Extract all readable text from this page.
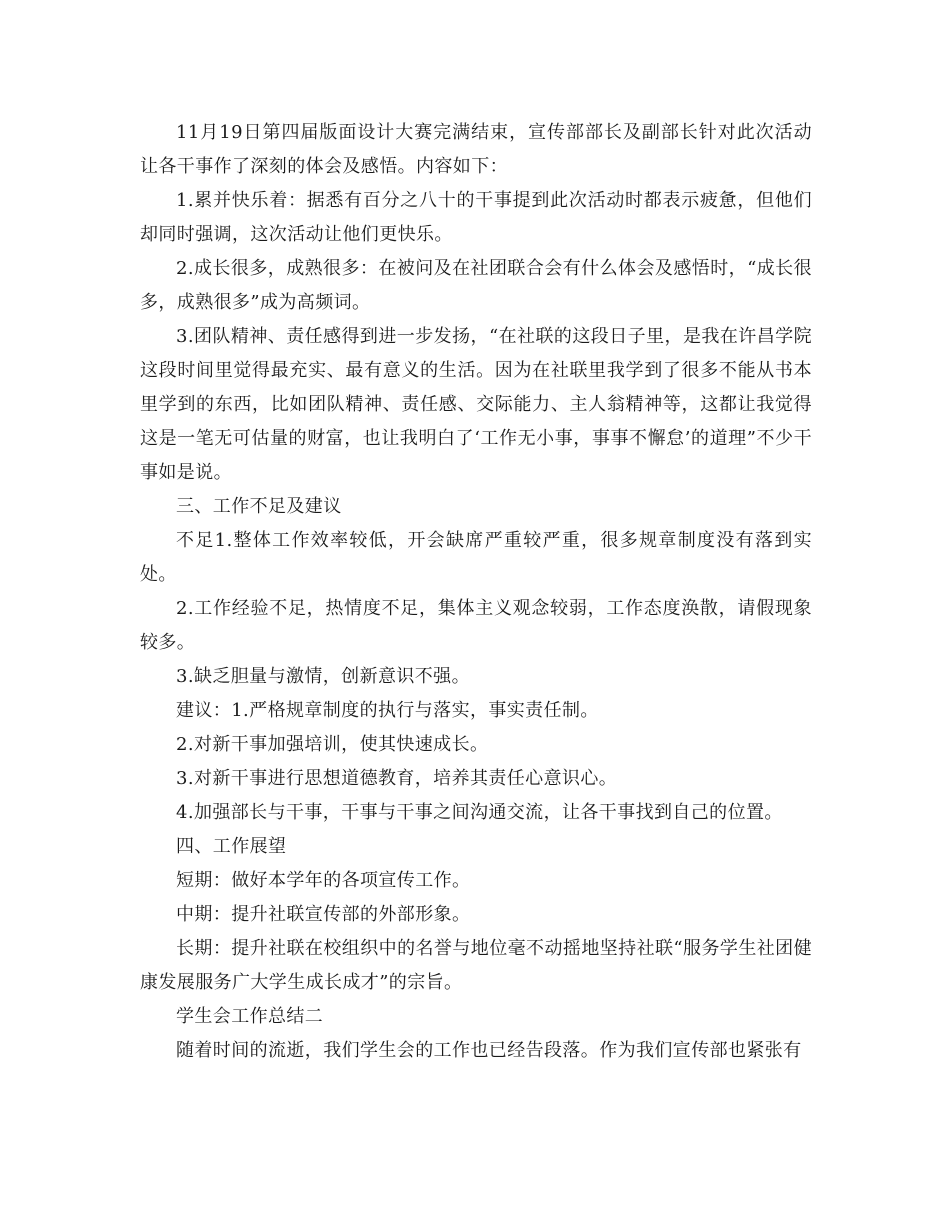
11月19日第四届版面设计大赛完满结束，宣传部部长及副部长针对此次活动让各干事作了深刻的体会及感悟。内容如下：

1.累并快乐着：据悉有百分之八十的干事提到此次活动时都表示疲惫，但他们却同时强调，这次活动让他们更快乐。

2.成长很多，成熟很多：在被问及在社团联合会有什么体会及感悟时，“成长很多，成熟很多”成为高频词。

3.团队精神、责任感得到进一步发扬，“在社联的这段日子里，是我在许昌学院这段时间里觉得最充实、最有意义的生活。因为在社联里我学到了很多不能从书本里学到的东西，比如团队精神、责任感、交际能力、主人翁精神等，这都让我觉得这是一笔无可估量的财富，也让我明白了‘工作无小事，事事不懈怠’的道理”不少干事如是说。

三、工作不足及建议

不足1.整体工作效率较低，开会缺席严重较严重，很多规章制度没有落到实处。

2.工作经验不足，热情度不足，集体主义观念较弱，工作态度涣散，请假现象较多。

3.缺乏胆量与激情，创新意识不强。

建议：1.严格规章制度的执行与落实，事实责任制。

2.对新干事加强培训，使其快速成长。

3.对新干事进行思想道德教育，培养其责任心意识心。

4.加强部长与干事，干事与干事之间沟通交流，让各干事找到自己的位置。

四、工作展望

短期：做好本学年的各项宣传工作。

中期：提升社联宣传部的外部形象。

长期：提升社联在校组织中的名誉与地位毫不动摇地坚持社联“服务学生社团健康发展服务广大学生成长成才”的宗旨。

学生会工作总结二

随着时间的流逝，我们学生会的工作也已经告段落。作为我们宣传部也紧张有
